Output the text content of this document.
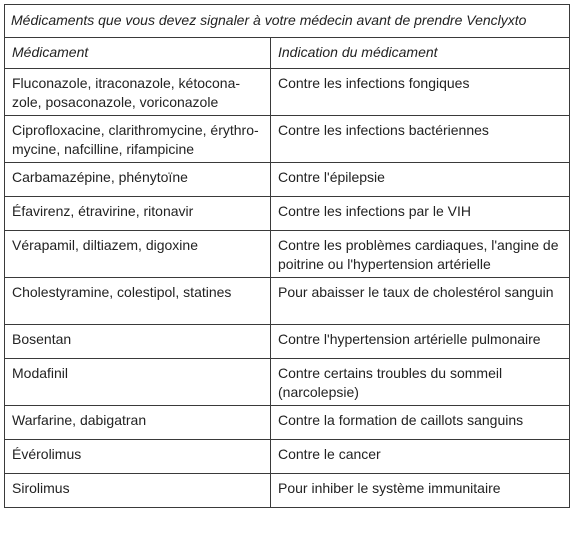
Médicaments que vous devez signaler à votre médecin avant de prendre Venclyxto	
Médicament	Indication du médicament
Fluconazole, itraconazole, kétocona-zole, posaconazole, voriconazole	Contre les infections fongiques
Ciprofloxacine, clarithromycine, érythro-mycine, nafcilline, rifampicine	Contre les infections bactériennes
Carbamazépine, phénytoïne	Contre l'épilepsie
Éfavirenz, étravirine, ritonavir	Contre les infections par le VIH
Vérapamil, diltiazem, digoxine	Contre les problèmes cardiaques, l'angine de poitrine ou l'hypertension artérielle
Cholestyramine, colestipol, statines	Pour abaisser le taux de cholestérol sanguin
Bosentan	Contre l'hypertension artérielle pulmonaire
Modafinil	Contre certains troubles du sommeil (narcolepsie)
Warfarine, dabigatran	Contre la formation de caillots sanguins
Évérolimus	Contre le cancer
Sirolimus	Pour inhiber le système immunitaire
